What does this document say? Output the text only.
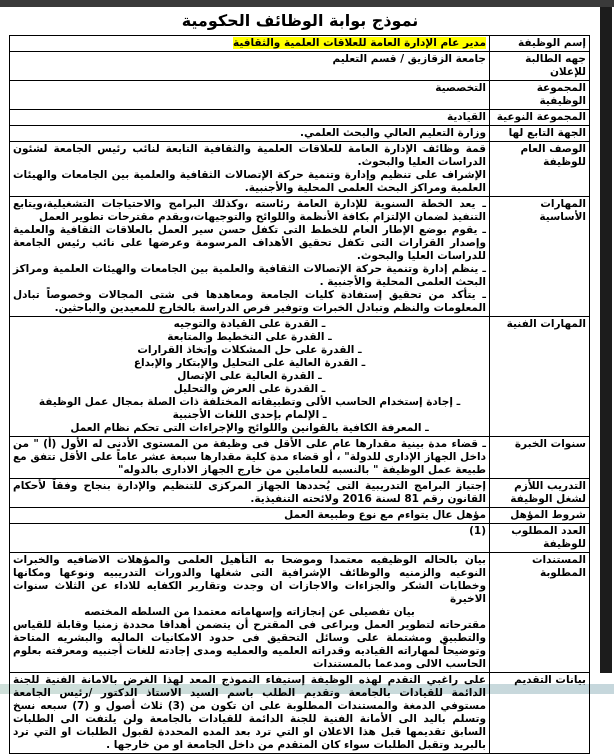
نموذج بوابة الوظائف الحكومية
إسم الوظيفة	مدير عام الإدارة العامة للعلاقات العلمية والثقافية
جهه الطالبة للإعلان	جامعة الزقازيق / قسم التعليم
المجموعة الوظيفية	التخصصية
المجموعة النوعية	القيادية
الجهة التابع لها	وزارة التعليم العالي والبحث العلمي.
الوصف العام للوظيفة	قمة وظائف الإدارة العامة للعلاقات العلمية والثقافية التابعة لنائب رئيس الجامعة لشئون الدراسات العليا والبحوث.
الإشراف على تنظيم وإدارة وتنمية حركة الإتصالات الثقافية والعلمية بين الجامعات والهيئات العلمية ومراكز البحث العلمى المحلية والأجنبية.

المهارات الأساسية	ـ يعد الخطة السنوية للإدارة العامة رئاسته ،وكذلك البرامج والاحتياجات التشغيلية،ويتابع التنفيذ لضمان الإلتزام بكافة الأنظمة واللوائح والتوجيهات،ويقدم مقترحات تطوير العمل
ـ يقوم بوضع الإطار العام للخطط التى تكفل حسن سير العمل بالعلاقات الثقافية والعلمية وإصدار القرارات التى تكفل تحقيق الأهداف المرسومة وعرضها على نائب رئيس الجامعة للدراسات العليا والبحوث.
ـ ينظم إدارة وتنمية حركة الإتصالات الثقافية والعلمية بين الجامعات والهيئات العلمية ومراكز البحث العلمى المحلية والأجنبية .
ـ يتأكد من تحقيق إستفادة كليات الجامعة ومعاهدها فى شتى المجالات وخصوصاً تبادل المعلومات والنظم وتبادل الخبرات وتوفير فرص الدراسة بالخارج للمعيدين والباحثين.

المهارات الفنية	
ـ القدرة على القيادة والتوجيه
ـ القدرة على التخطيط والمتابعة
ـ القدرة على حل المشكلات وإتخاذ القرارات
ـ القدرة العالية على التحليل والإبتكار والإبداع
ـ القدرة العالية على الإتصال
ـ القدرة على العرض والتحليل
ـ إجادة إستخدام الحاسب الألى وتطبيقاته المختلفة ذات الصلة بمجال عمل الوظيفة
ـ الإلمام بإحدى اللغات الأجنبية
ـ المعرفة الكافية بالقوانين واللوائح والإجراءات التى تحكم نظام العمل

سنوات الخبرة	ـ قضاء مدة بينية مقدارها عام على الأقل فى وظيفة من المستوى الأدنى له الأول (أ) " من داخل الجهاز الإدارى للدولة" ، أو قضاء مدة كلية مقدارها سبعة عشر عاماً على الأقل تتفق مع طبيعة عمل الوظيفة " بالنسبه للعاملين من خارج الجهاز الادارى بالدوله"

التدريب اللأزم لشغل الوظيفة	إجتياز البرامج التدريبية التى يُحددها الجهاز المركزى للتنظيم والإدارة بنجاح وفقاً لأحكام القانون رقم 81 لسنة 2016 ولائحته التنفيذية.

شروط المؤهل	مؤهل عال يتواءم مع نوع وطبيعة العمل
العدد المطلوب للوظيفة	(1)
المستندات المطلوبة	بيان بالحاله الوظيفيه معتمدا وموضحا به التأهيل العلمى والمؤهلات الاضافيه والخبرات النوعيه والزمنيه والوظائف الإشرافية التى شغلها والدورات التدريبيه ونوعها ومكانها وخطابات الشكر والجزاءات والاجازات ان وجدت وتقارير الكفايه للاداء عن الثلاث سنوات الاخيرة
بيان تفصيلى عن إنجازاته وإسهاماته معتمدا من السلطه المختصه
مقترحاته لتطوير العمل ويراعى فى المقترح أن يتضمن أهدافا محددة زمنيا وقابلة للقياس والتطبيق ومشتملة على وسائل التحقيق فى حدود الامكانيات الماليه والبشريه المتاحة وتوضيحاً لمهاراته القياديه وقدراته العلميه والعمليه ومدى إجادته للغات أجنبيه ومعرفته بعلوم الحاسب الالى ومدعما بالمستندات

بيانات التقديم	على راغبي التقدم لهذه الوظيفة إستيفاء النموذج المعد لهذا الغرض بالامانة الفنية للجنة الدائمة للقيادات بالجامعة وتقديم الطلب باسم السيد الاستاذ الدكتور /رئيس الجامعة مستوفي الدمغة والمستندات المطلوبة على ان تكون من (3) ثلاث أصول و (7) سبعه نسخ وتسلم باليد الى الأمانة الفنية للجنة الدائمة للقيادات بالجامعة ولن يلتفت الى الطلبات السابق تقديمها قبل هذا الاعلان او التي ترد بعد المده المحددة لقبول الطلبات او التي ترد بالبريد وتقبل الطلبات سواء كان المتقدم من داخل الجامعة او من خارجها .
